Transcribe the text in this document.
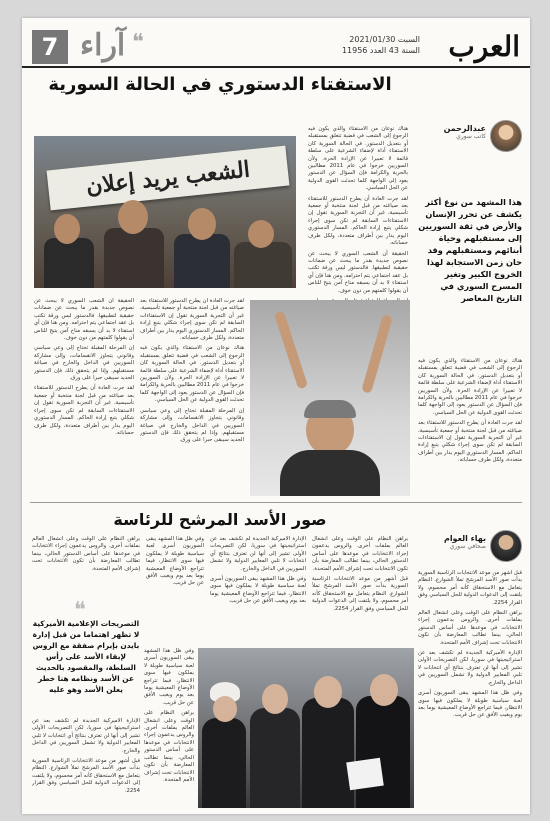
العرب
السبت 2021/01/30
السنة 43 العدد 11956
❝
آراء
7
الاستفتاء الدستوري في الحالة السورية
عبدالرحمن
كاتب سوري
هذا المشهد من نوع أكثر يكشف عن تحرر الإنسان والأرض في ثقة السوريين إلى مستقبلهم وحياة أبنائهم ومستقبلهم وقد حان زمن الاستجابة لهذا الخروج الكبير وتغير المسرح السوري في التاريخ المعاصر

هناك نوعان من الاستفتاء والذي يكون فيه الرجوع إلى الشعب في قضية تتعلق بمستقبله أو بتعديل الدستور. في الحالة السورية كان الاستفتاء أداة لإضفاء الشرعية على سلطة قائمة لا تعبيرا عن الإرادة الحرة. ولأن السوريين خرجوا في عام 2011 مطالبين بالحرية والكرامة فإن السؤال عن الدستور يعود إلى الواجهة كلما تحدثت القوى الدولية عن الحل السياسي.

لقد جرت العادة أن يطرح الدستور للاستفتاء بعد صياغته من قبل لجنة منتخبة أو جمعية تأسيسية، غير أن التجربة السورية تقول إن الاستفتاءات السابقة لم تكن سوى إجراء شكلي يتبع إرادة الحاكم. المسار الدستوري اليوم يدار بين أطراف متعددة، ولكل طرف حساباته.

هناك نوعان من الاستفتاء والذي يكون فيه الرجوع إلى الشعب في قضية تتعلق بمستقبله أو بتعديل الدستور. في الحالة السورية كان الاستفتاء أداة لإضفاء الشرعية على سلطة قائمة لا تعبيرا عن الإرادة الحرة. ولأن السوريين خرجوا في عام 2011 مطالبين بالحرية والكرامة فإن السؤال عن الدستور يعود إلى الواجهة كلما تحدثت القوى الدولية عن الحل السياسي.

لقد جرت العادة أن يطرح الدستور للاستفتاء بعد صياغته من قبل لجنة منتخبة أو جمعية تأسيسية، غير أن التجربة السورية تقول إن الاستفتاءات السابقة لم تكن سوى إجراء شكلي يتبع إرادة الحاكم. المسار الدستوري اليوم يدار بين أطراف متعددة، ولكل طرف حساباته.

الحقيقة أن الشعب السوري لا يبحث عن نصوص جديدة بقدر ما يبحث عن ضمانات حقيقية لتطبيقها. فالدستور ليس ورقة تكتب بل عقد اجتماعي يتم احترامه. ومن هنا فإن أي استفتاء لا بد أن يسبقه مناخ آمن يتيح للناس أن يقولوا كلمتهم من دون خوف.

الشعب يريد إعلان

الحقيقة أن الشعب السوري لا يبحث عن نصوص جديدة بقدر ما يبحث عن ضمانات حقيقية لتطبيقها. فالدستور ليس ورقة تكتب بل عقد اجتماعي يتم احترامه. ومن هنا فإن أي استفتاء لا بد أن يسبقه مناخ آمن يتيح للناس أن يقولوا كلمتهم من دون خوف.

إن المرحلة المقبلة تحتاج إلى وعي سياسي وقانوني يتجاوز الانقسامات، وإلى مشاركة السوريين في الداخل والخارج في صياغة مستقبلهم. وإذا لم يتحقق ذلك فإن الدستور الجديد سيبقى حبرا على ورق.

لقد جرت العادة أن يطرح الدستور للاستفتاء بعد صياغته من قبل لجنة منتخبة أو جمعية تأسيسية، غير أن التجربة السورية تقول إن الاستفتاءات السابقة لم تكن سوى إجراء شكلي يتبع إرادة الحاكم. المسار الدستوري اليوم يدار بين أطراف متعددة، ولكل طرف حساباته.

لقد جرت العادة أن يطرح الدستور للاستفتاء بعد صياغته من قبل لجنة منتخبة أو جمعية تأسيسية، غير أن التجربة السورية تقول إن الاستفتاءات السابقة لم تكن سوى إجراء شكلي يتبع إرادة الحاكم. المسار الدستوري اليوم يدار بين أطراف متعددة، ولكل طرف حساباته.

هناك نوعان من الاستفتاء والذي يكون فيه الرجوع إلى الشعب في قضية تتعلق بمستقبله أو بتعديل الدستور. في الحالة السورية كان الاستفتاء أداة لإضفاء الشرعية على سلطة قائمة لا تعبيرا عن الإرادة الحرة. ولأن السوريين خرجوا في عام 2011 مطالبين بالحرية والكرامة فإن السؤال عن الدستور يعود إلى الواجهة كلما تحدثت القوى الدولية عن الحل السياسي.

إن المرحلة المقبلة تحتاج إلى وعي سياسي وقانوني يتجاوز الانقسامات، وإلى مشاركة السوريين في الداخل والخارج في صياغة مستقبلهم. وإذا لم يتحقق ذلك فإن الدستور الجديد سيبقى حبرا على ورق.

صور الأسد المرشح للرئاسة
بهاء العوام
صحافي سوري

قبل أشهر من موعد الانتخابات الرئاسية السورية بدأت صور الأسد المرشح تملأ الشوارع. النظام يتعامل مع الاستحقاق كأنه أمر محسوم، ولا يلتفت إلى الدعوات الدولية للحل السياسي وفق القرار 2254.

يراهن النظام على الوقت وعلى انشغال العالم بملفات أخرى. والروس يدعمون إجراء الانتخابات في موعدها على أساس الدستور الحالي، بينما تطالب المعارضة بأن تكون الانتخابات تحت إشراف الأمم المتحدة.

الإدارة الأميركية الجديدة لم تكشف بعد عن استراتيجيتها في سوريا، لكن التصريحات الأولى تشير إلى أنها لن تعترف بنتائج أي انتخابات لا تلبي المعايير الدولية ولا تشمل السوريين في الداخل والخارج.

وفي ظل هذا المشهد يبقى السوريون أسرى لعبة سياسية طويلة لا يملكون فيها سوى الانتظار، فيما تتراجع الأوضاع المعيشية يوما بعد يوم ويغيب الأفق عن حل قريب.

يراهن النظام على الوقت وعلى انشغال العالم بملفات أخرى. والروس يدعمون إجراء الانتخابات في موعدها على أساس الدستور الحالي، بينما تطالب المعارضة بأن تكون الانتخابات تحت إشراف الأمم المتحدة.

قبل أشهر من موعد الانتخابات الرئاسية السورية بدأت صور الأسد المرشح تملأ الشوارع. النظام يتعامل مع الاستحقاق كأنه أمر محسوم، ولا يلتفت إلى الدعوات الدولية للحل السياسي وفق القرار 2254.

الإدارة الأميركية الجديدة لم تكشف بعد عن استراتيجيتها في سوريا، لكن التصريحات الأولى تشير إلى أنها لن تعترف بنتائج أي انتخابات لا تلبي المعايير الدولية ولا تشمل السوريين في الداخل والخارج.

وفي ظل هذا المشهد يبقى السوريون أسرى لعبة سياسية طويلة لا يملكون فيها سوى الانتظار، فيما تتراجع الأوضاع المعيشية يوما بعد يوم ويغيب الأفق عن حل قريب.

وفي ظل هذا المشهد يبقى السوريون أسرى لعبة سياسية طويلة لا يملكون فيها سوى الانتظار، فيما تتراجع الأوضاع المعيشية يوما بعد يوم ويغيب الأفق عن حل قريب.

يراهن النظام على الوقت وعلى انشغال العالم بملفات أخرى. والروس يدعمون إجراء الانتخابات في موعدها على أساس الدستور الحالي، بينما تطالب المعارضة بأن تكون الانتخابات تحت إشراف الأمم المتحدة.

❝
التصريحات الإعلامية الأميركية لا تظهر اهتماما من قبل إدارة بايدن بإبرام صفقة مع الروس لإبقاء الأسد على رأس السلطة، والمقصود بالحديث عن الأسد ونظامه هنا خطر يعلن الأسد وهو عليه

الإدارة الأميركية الجديدة لم تكشف بعد عن استراتيجيتها في سوريا، لكن التصريحات الأولى تشير إلى أنها لن تعترف بنتائج أي انتخابات لا تلبي المعايير الدولية ولا تشمل السوريين في الداخل والخارج.

قبل أشهر من موعد الانتخابات الرئاسية السورية بدأت صور الأسد المرشح تملأ الشوارع. النظام يتعامل مع الاستحقاق كأنه أمر محسوم، ولا يلتفت إلى الدعوات الدولية للحل السياسي وفق القرار 2254.

وفي ظل هذا المشهد يبقى السوريون أسرى لعبة سياسية طويلة لا يملكون فيها سوى الانتظار، فيما تتراجع الأوضاع المعيشية يوما بعد يوم ويغيب الأفق عن حل قريب.

يراهن النظام على الوقت وعلى انشغال العالم بملفات أخرى. والروس يدعمون إجراء الانتخابات في موعدها على أساس الدستور الحالي، بينما تطالب المعارضة بأن تكون الانتخابات تحت إشراف الأمم المتحدة.
